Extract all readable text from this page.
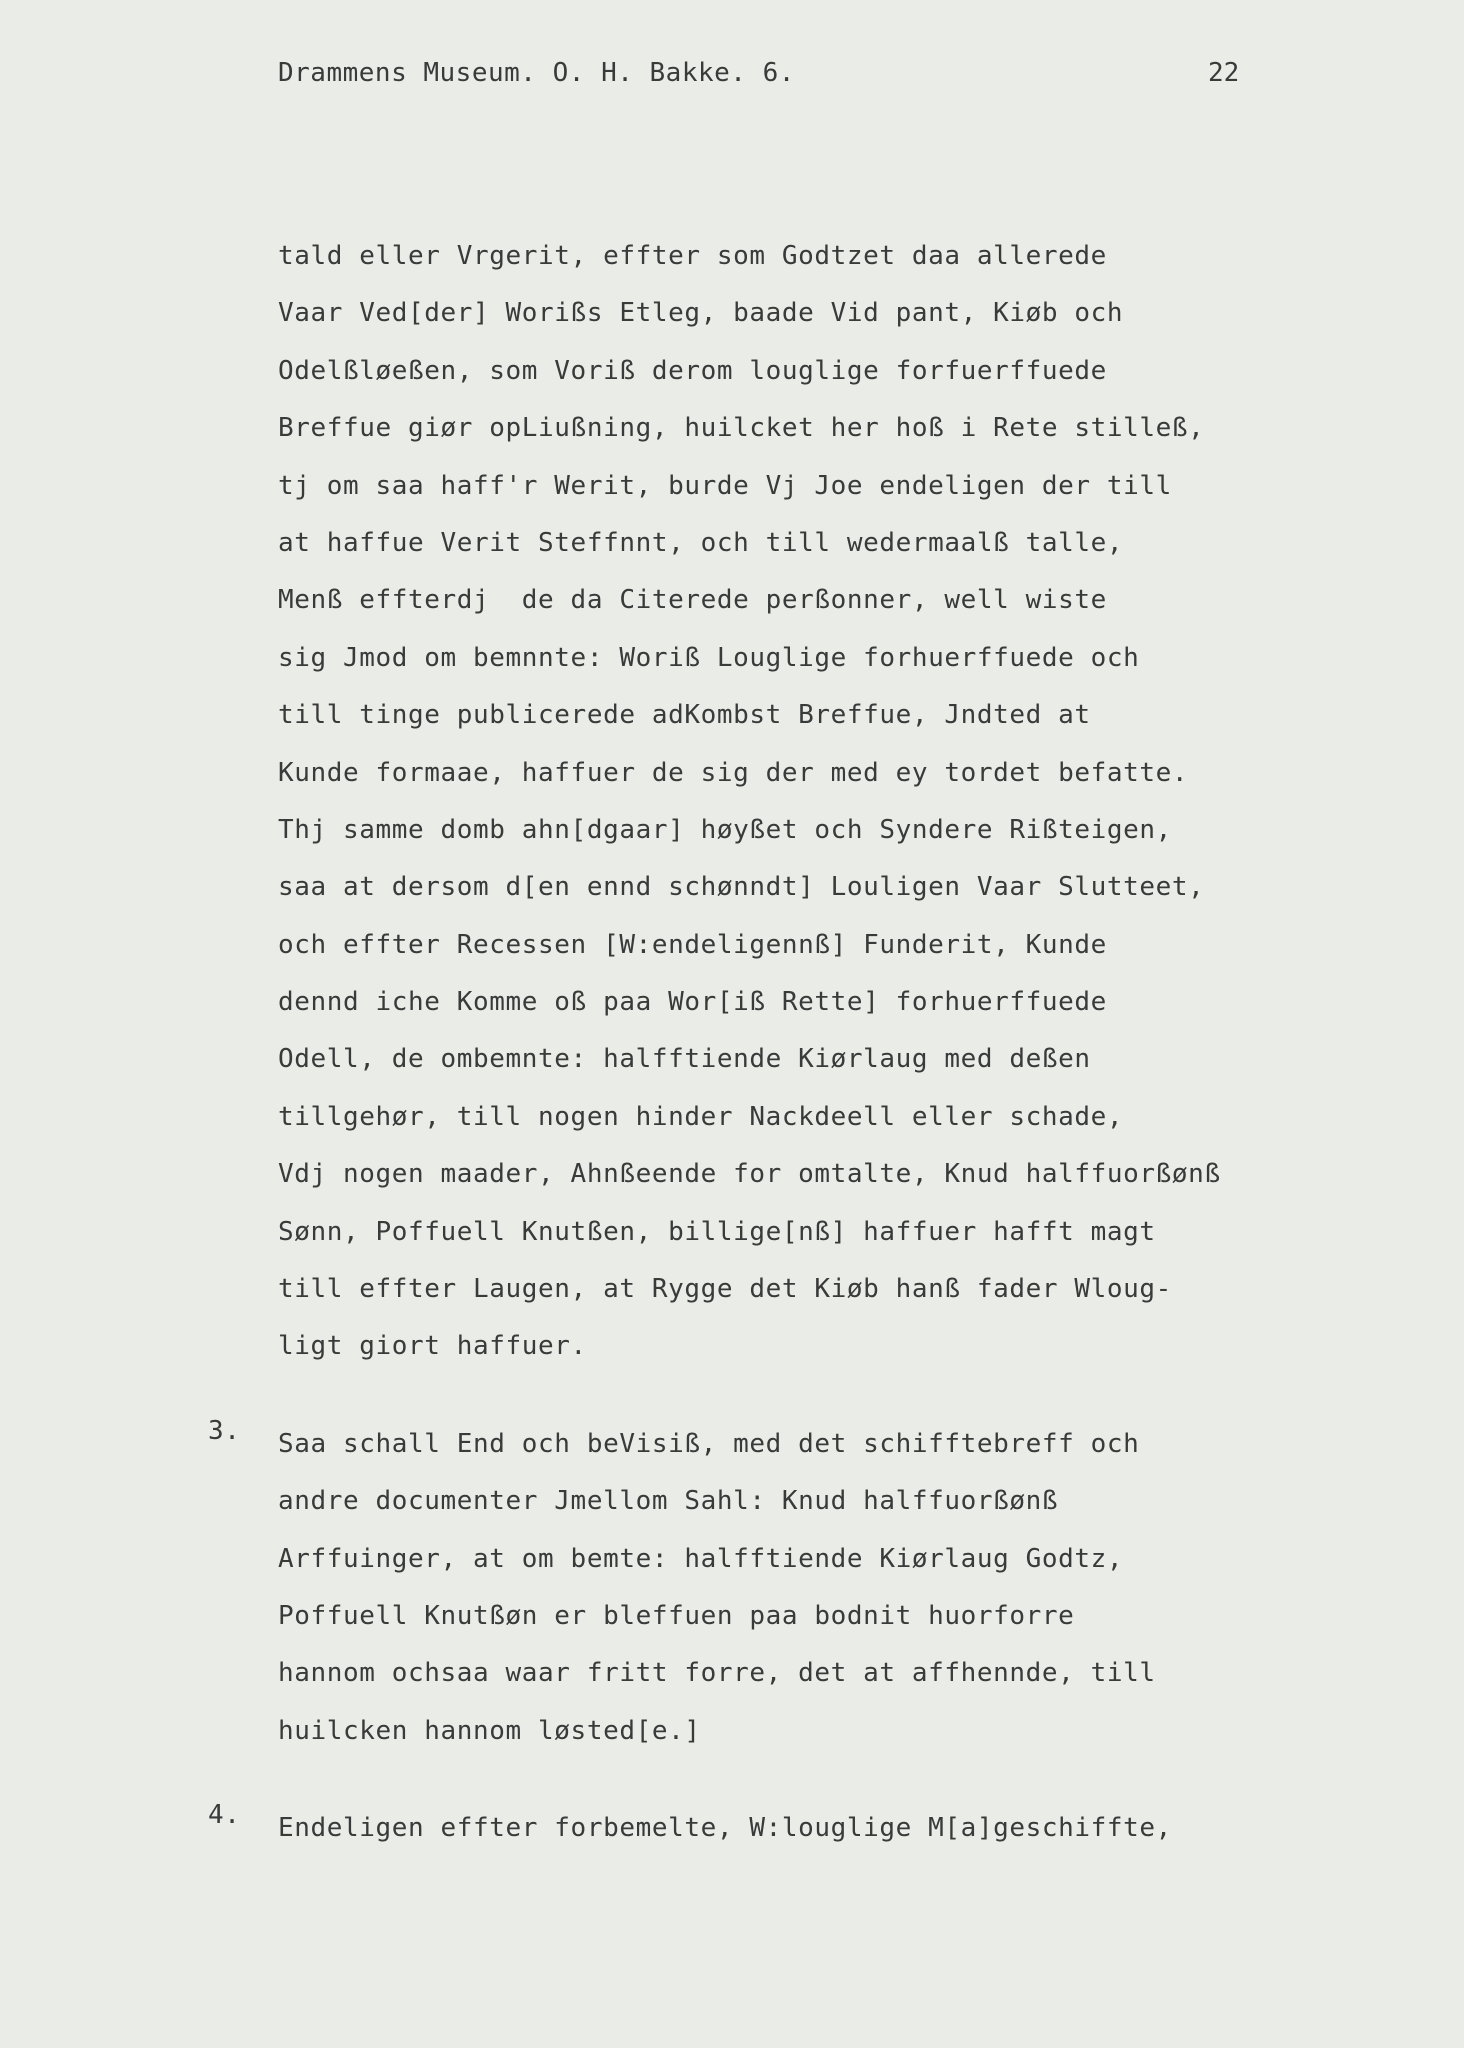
Drammens Museum. O. H. Bakke. 6.	22
tald eller Vrgerit, effter som Godtzet daa allerede
Vaar Ved[der] Worißs Etleg, baade Vid pant, Kiøb och
Odelßløeßen, som Voriß derom louglige forfuerffuede
Breffue giør opLiußning, huilcket her hoß i Rete stilleß,
tj om saa haff'r Werit, burde Vj Joe endeligen der till
at haffue Verit Steffnnt, och till wedermaalß talle,
Menß effterdj  de da Citerede perßonner, well wiste
sig Jmod om bemnnte: Woriß Louglige forhuerffuede och
till tinge publicerede adKombst Breffue, Jndted at
Kunde formaae, haffuer de sig der med ey tordet befatte.
Thj samme domb ahn[dgaar] høyßet och Syndere Rißteigen,
saa at dersom d[en ennd schønndt] Louligen Vaar Slutteet,
och effter Recessen [W:endeligennß] Funderit, Kunde
dennd iche Komme oß paa Wor[iß Rette] forhuerffuede
Odell, de ombemnte: halfftiende Kiørlaug med deßen
tillgehør, till nogen hinder Nackdeell eller schade,
Vdj nogen maader, Ahnßeende for omtalte, Knud halffuorßønß
Sønn, Poffuell Knutßen, billige[nß] haffuer hafft magt
till effter Laugen, at Rygge det Kiøb hanß fader Wloug-
ligt giort haffuer.
3. Saa schall End och beVisiß, med det schifftebreff och
andre documenter Jmellom Sahl: Knud halffuorßønß
Arffuinger, at om bemte: halfftiende Kiørlaug Godtz,
Poffuell Knutßøn er bleffuen paa bodnit huorforre
hannom ochsaa waar fritt forre, det at affhennde, till
huilcken hannom løsted[e.]
4. Endeligen effter forbemelte, W:louglige M[a]geschiffte,
